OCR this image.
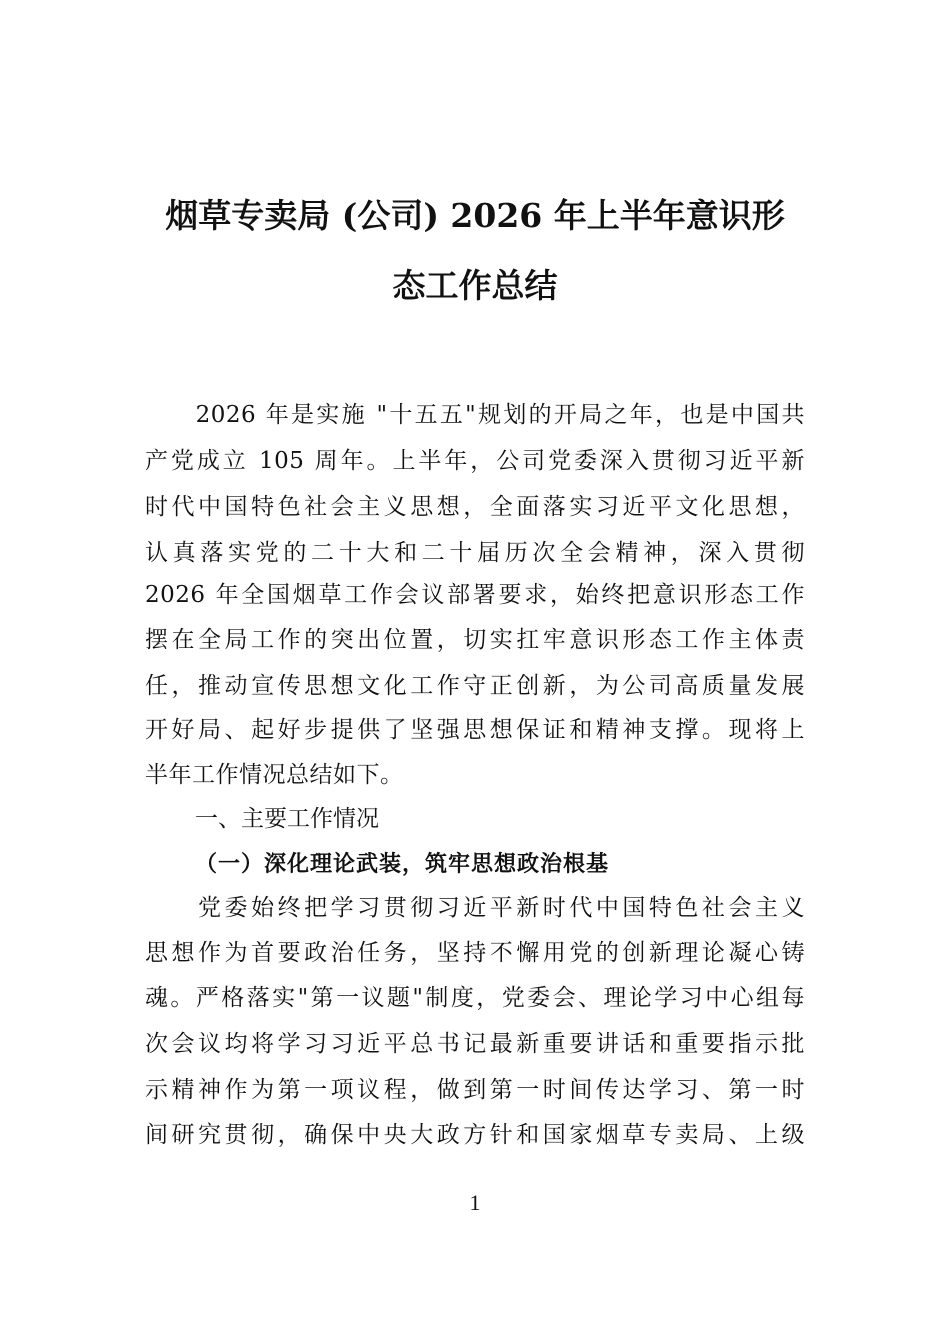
烟草专卖局 (公司) 2026 年上半年意识形
态工作总结
　　2026 年是实施 "十五五"规划的开局之年，也是中国共
产党成立 105 周年。上半年，公司党委深入贯彻习近平新
时代中国特色社会主义思想，全面落实习近平文化思想，
认真落实党的二十大和二十届历次全会精神，深入贯彻
2026 年全国烟草工作会议部署要求，始终把意识形态工作
摆在全局工作的突出位置，切实扛牢意识形态工作主体责
任，推动宣传思想文化工作守正创新，为公司高质量发展
开好局、起好步提供了坚强思想保证和精神支撑。现将上
半年工作情况总结如下。
一、主要工作情况
（一）深化理论武装，筑牢思想政治根基
　　党委始终把学习贯彻习近平新时代中国特色社会主义
思想作为首要政治任务，坚持不懈用党的创新理论凝心铸
魂。严格落实"第一议题"制度，党委会、理论学习中心组每
次会议均将学习习近平总书记最新重要讲话和重要指示批
示精神作为第一项议程，做到第一时间传达学习、第一时
间研究贯彻，确保中央大政方针和国家烟草专卖局、上级
1
